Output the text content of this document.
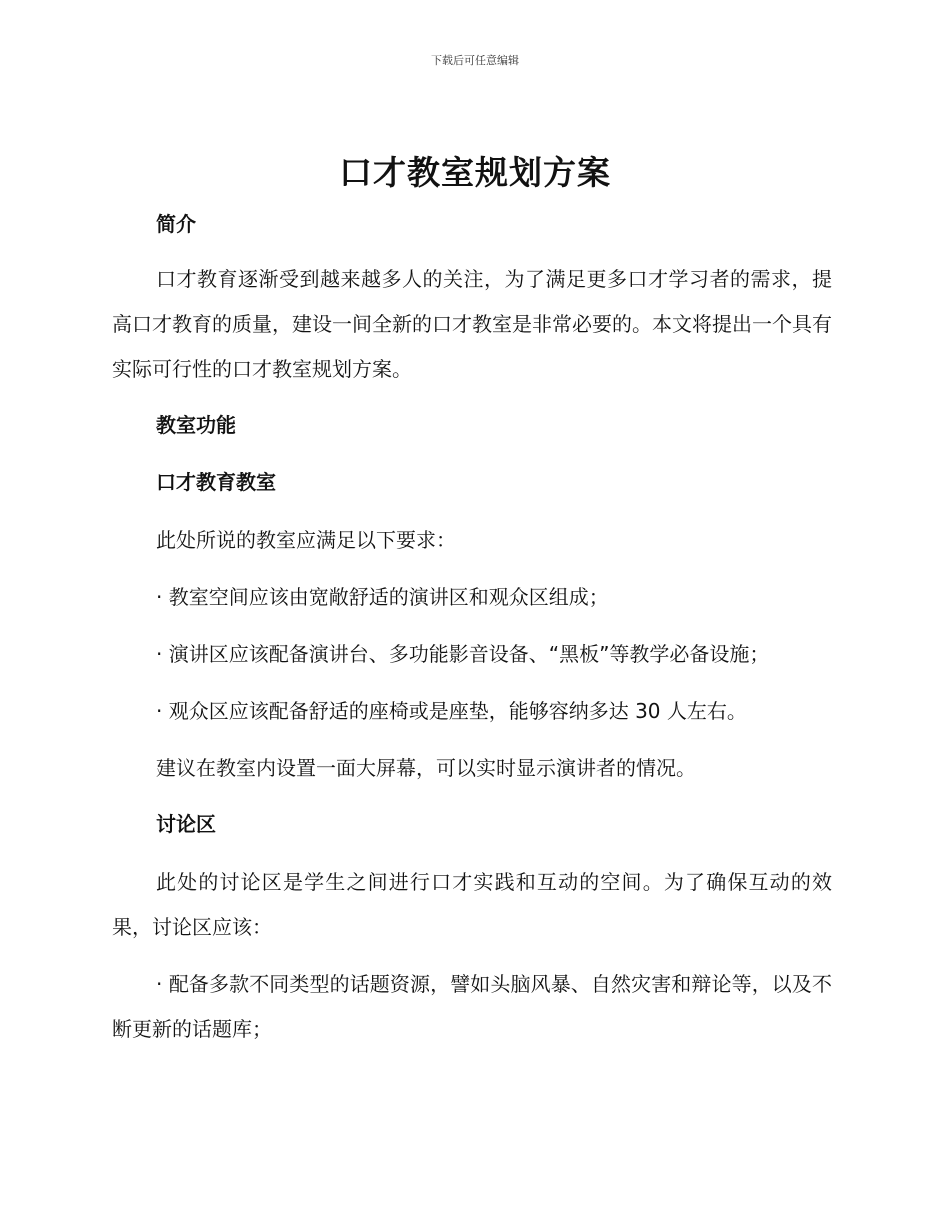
下载后可任意编辑
口才教室规划方案

简介

口才教育逐渐受到越来越多人的关注，为了满足更多口才学习者的需求，提高口才教育的质量，建设一间全新的口才教室是非常必要的。本文将提出一个具有实际可行性的口才教室规划方案。

教室功能

口才教育教室

此处所说的教室应满足以下要求：

· 教室空间应该由宽敞舒适的演讲区和观众区组成；

· 演讲区应该配备演讲台、多功能影音设备、“黑板”等教学必备设施；

· 观众区应该配备舒适的座椅或是座垫，能够容纳多达 30 人左右。

建议在教室内设置一面大屏幕，可以实时显示演讲者的情况。

讨论区

此处的讨论区是学生之间进行口才实践和互动的空间。为了确保互动的效果，讨论区应该：

· 配备多款不同类型的话题资源，譬如头脑风暴、自然灾害和辩论等，以及不断更新的话题库；
